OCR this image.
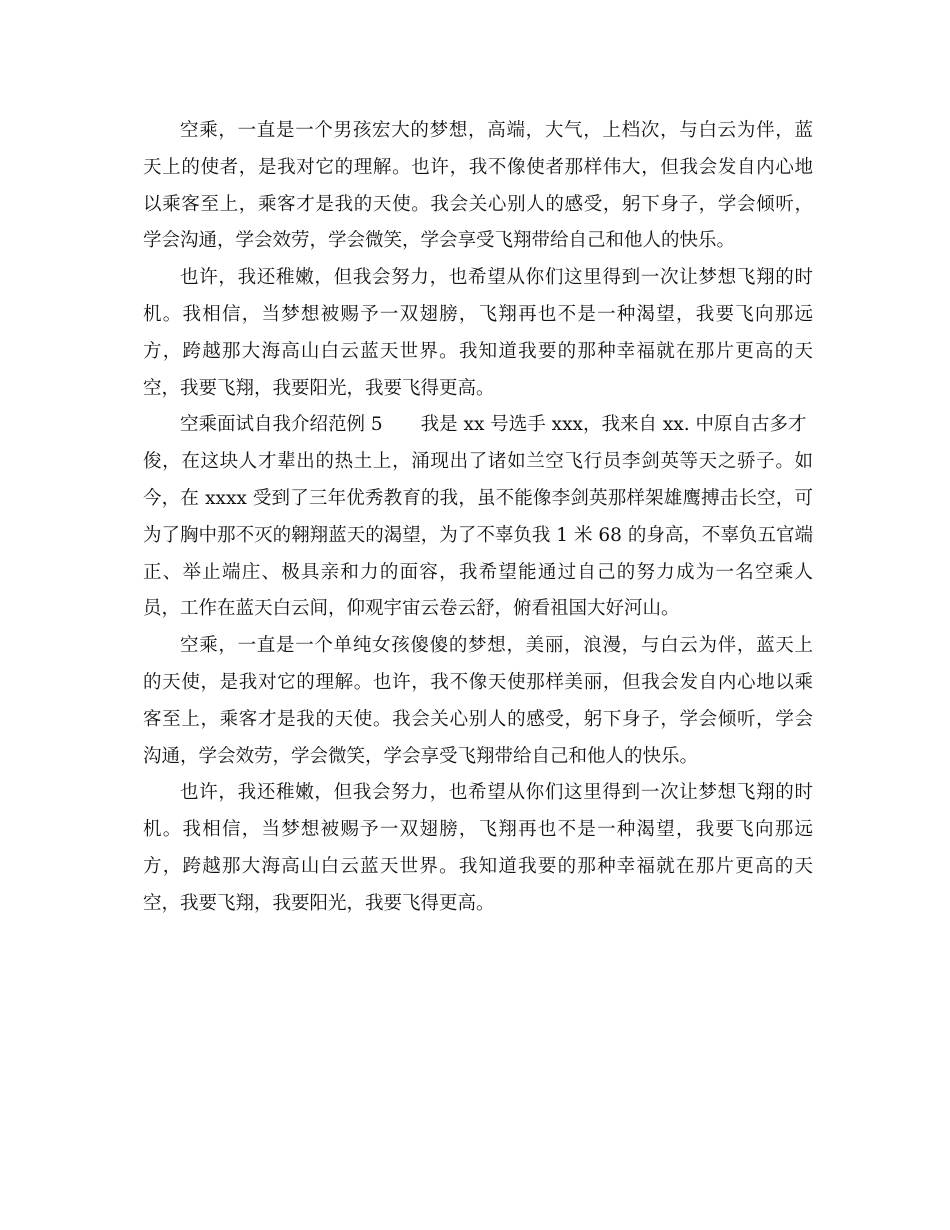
空乘，一直是一个男孩宏大的梦想，高端，大气，上档次，与白云为伴，蓝
天上的使者，是我对它的理解。也许，我不像使者那样伟大，但我会发自内心地
以乘客至上，乘客才是我的天使。我会关心别人的感受，躬下身子，学会倾听，
学会沟通，学会效劳，学会微笑，学会享受飞翔带给自己和他人的快乐。
也许，我还稚嫩，但我会努力，也希望从你们这里得到一次让梦想飞翔的时
机。我相信，当梦想被赐予一双翅膀，飞翔再也不是一种渴望，我要飞向那远
方，跨越那大海高山白云蓝天世界。我知道我要的那种幸福就在那片更高的天
空，我要飞翔，我要阳光，我要飞得更高。
空乘面试自我介绍范例 5 我是 xx 号选手 xxx，我来自 xx. 中原自古多才
俊，在这块人才辈出的热土上，涌现出了诸如兰空飞行员李剑英等天之骄子。如
今，在 xxxx 受到了三年优秀教育的我，虽不能像李剑英那样架雄鹰搏击长空，可
为了胸中那不灭的翱翔蓝天的渴望，为了不辜负我 1 米 68 的身高，不辜负五官端
正、举止端庄、极具亲和力的面容，我希望能通过自己的努力成为一名空乘人
员，工作在蓝天白云间，仰观宇宙云卷云舒，俯看祖国大好河山。
空乘，一直是一个单纯女孩傻傻的梦想，美丽，浪漫，与白云为伴，蓝天上
的天使，是我对它的理解。也许，我不像天使那样美丽，但我会发自内心地以乘
客至上，乘客才是我的天使。我会关心别人的感受，躬下身子，学会倾听，学会
沟通，学会效劳，学会微笑，学会享受飞翔带给自己和他人的快乐。
也许，我还稚嫩，但我会努力，也希望从你们这里得到一次让梦想飞翔的时
机。我相信，当梦想被赐予一双翅膀，飞翔再也不是一种渴望，我要飞向那远
方，跨越那大海高山白云蓝天世界。我知道我要的那种幸福就在那片更高的天
空，我要飞翔，我要阳光，我要飞得更高。
